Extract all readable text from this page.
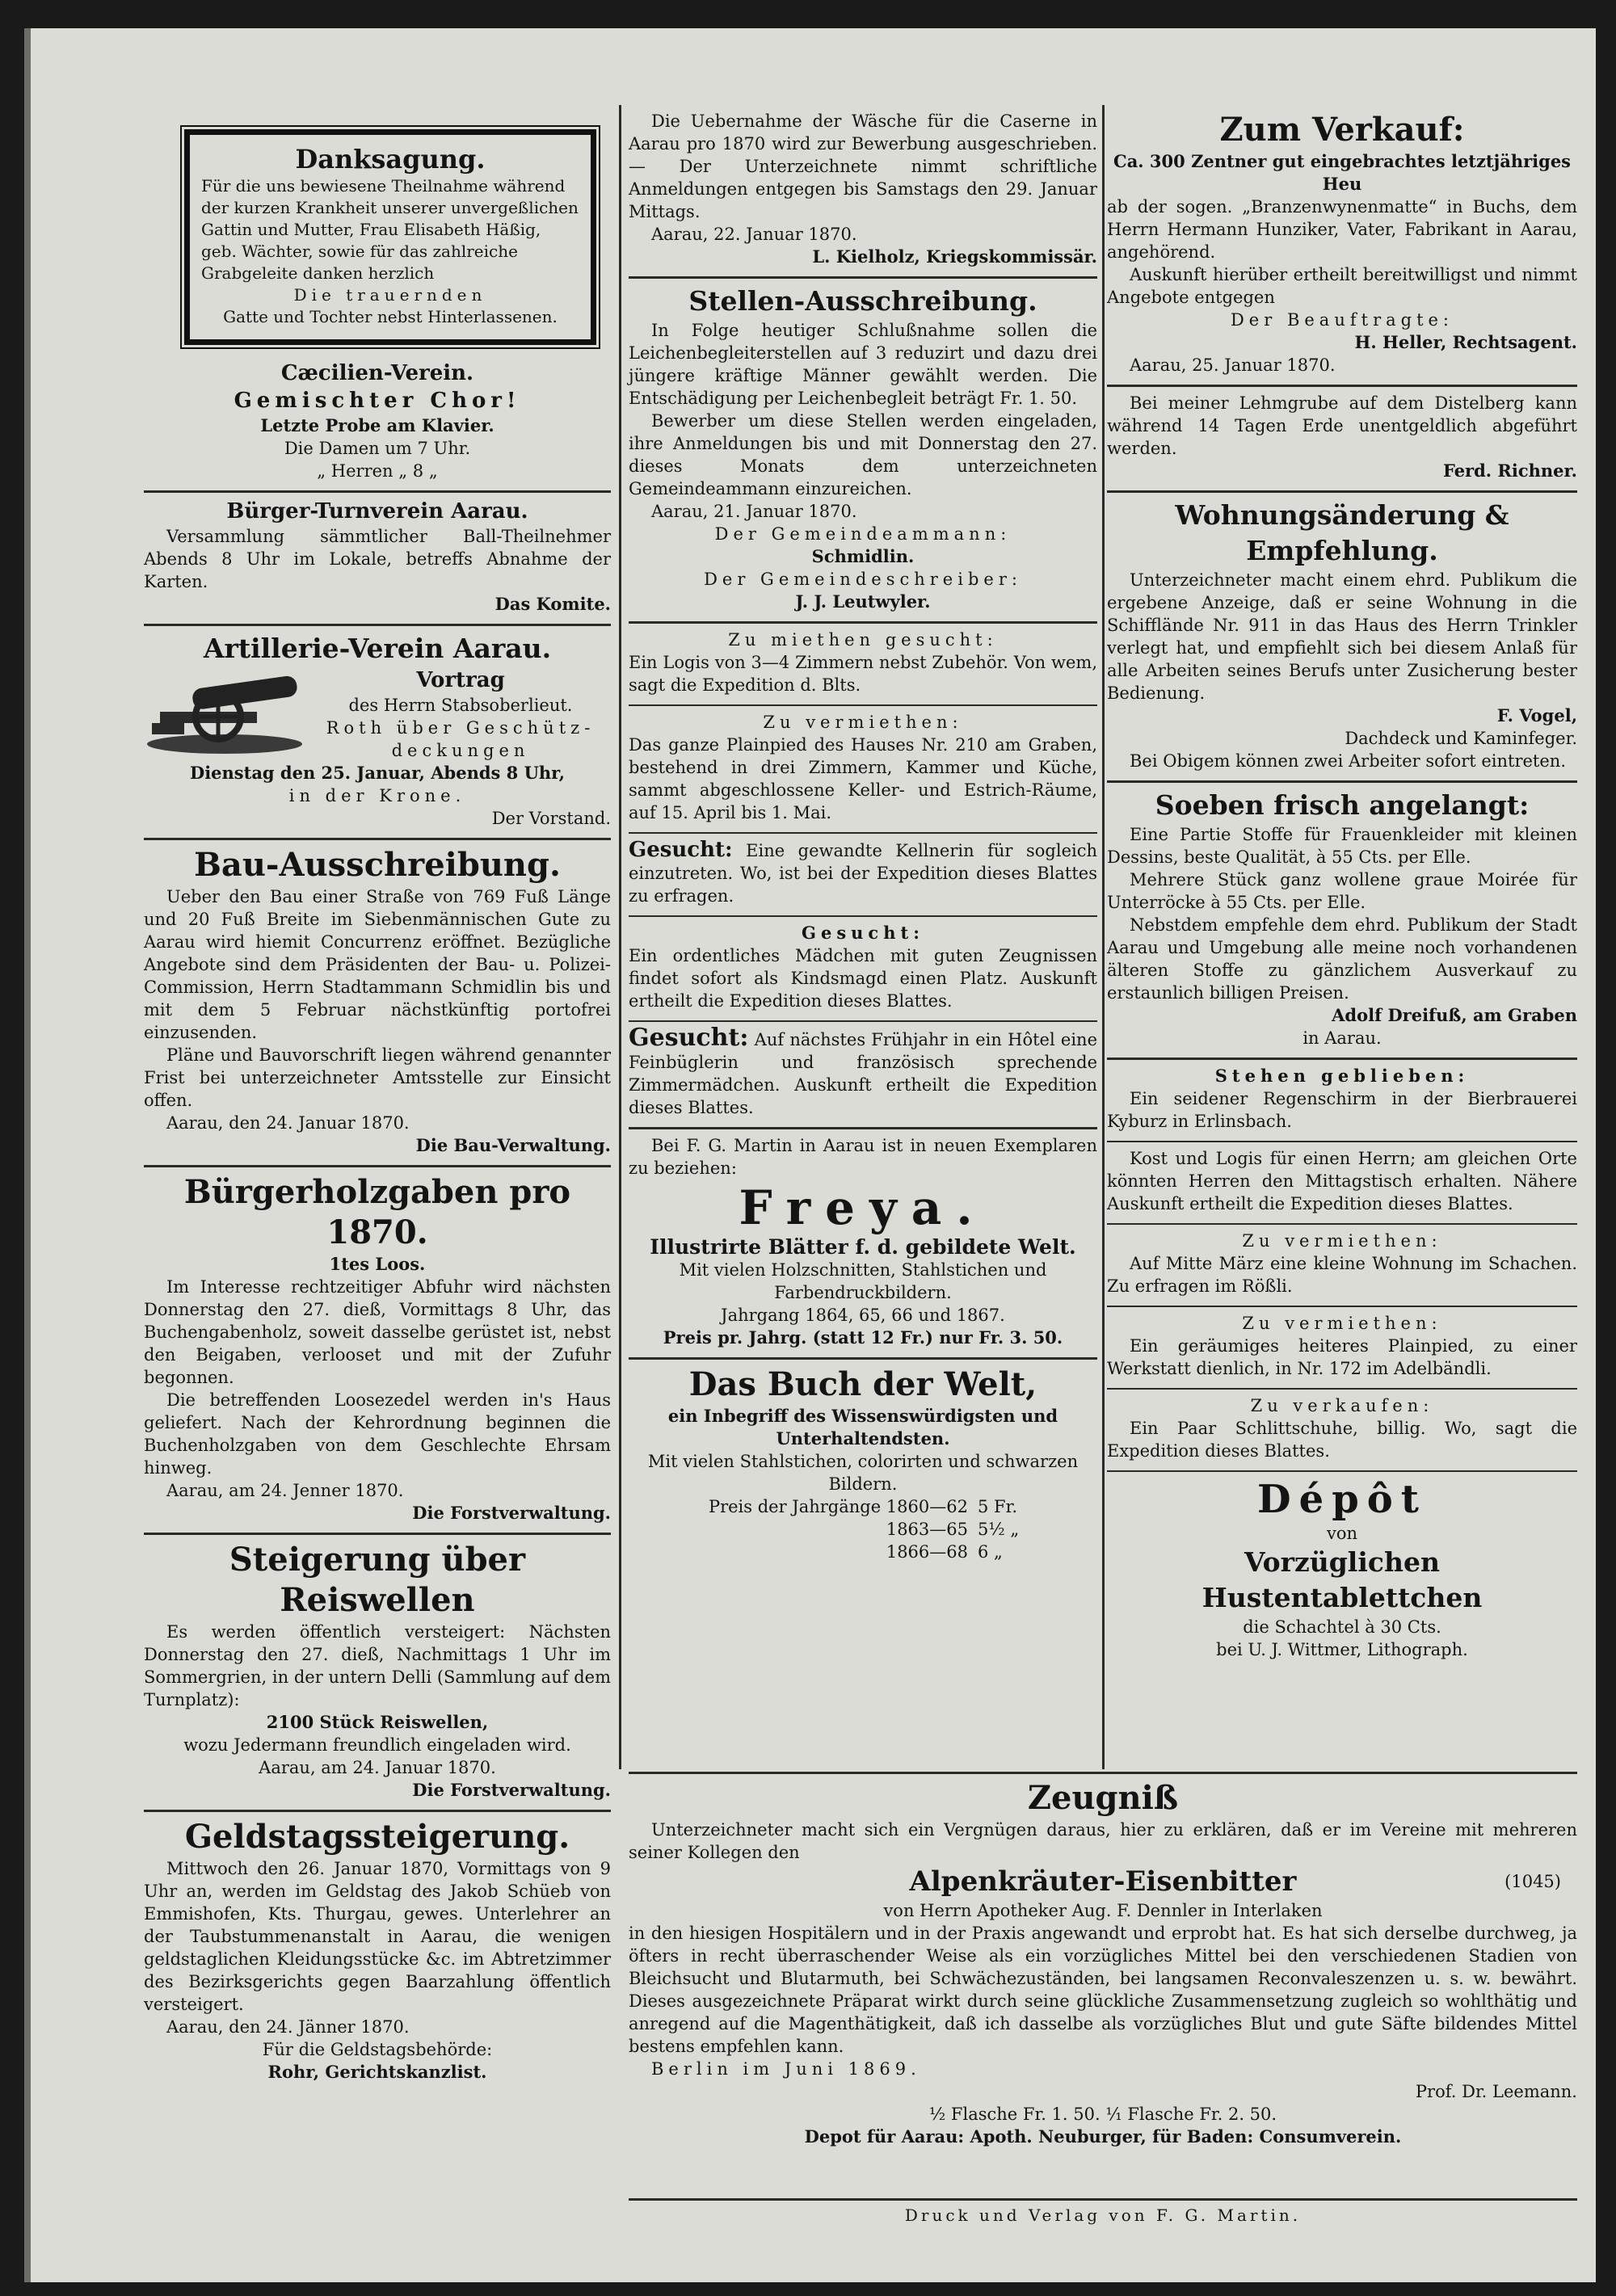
Danksagung.
Für die uns bewiesene Theilnahme während der kurzen Krankheit unserer unvergeßlichen Gattin und Mutter, Frau Elisabeth Häßig, geb. Wächter, sowie für das zahlreiche Grabgeleite danken herzlich
Die trauernden
Gatte und Tochter nebst Hinterlassenen.
Cæcilien-Verein.
Gemischter Chor!
Letzte Probe am Klavier.
Die Damen um 7 Uhr.
„ Herren „ 8 „
Bürger-Turnverein Aarau.
Versammlung sämmtlicher Ball-Theilnehmer Abends 8 Uhr im Lokale, betreffs Abnahme der Karten.
Das Komite.
Artillerie-Verein Aarau.
Vortrag
des Herrn Stabsoberlieut.
Roth über Geschütz-
deckungen
Dienstag den 25. Januar, Abends 8 Uhr,
in der Krone.
Der Vorstand.
Bau-Ausschreibung.
Ueber den Bau einer Straße von 769 Fuß Länge und 20 Fuß Breite im Siebenmännischen Gute zu Aarau wird hiemit Concurrenz eröffnet. Bezügliche Angebote sind dem Präsidenten der Bau- u. Polizei-Commission, Herrn Stadtammann Schmidlin bis und mit dem 5 Februar nächstkünftig portofrei einzusenden.
Pläne und Bauvorschrift liegen während genannter Frist bei unterzeichneter Amtsstelle zur Einsicht offen.
Aarau, den 24. Januar 1870.
Die Bau-Verwaltung.
Bürgerholzgaben pro 1870.
1tes Loos.
Im Interesse rechtzeitiger Abfuhr wird nächsten Donnerstag den 27. dieß, Vormittags 8 Uhr, das Buchengabenholz, soweit dasselbe gerüstet ist, nebst den Beigaben, verlooset und mit der Zufuhr begonnen.
Die betreffenden Loosezedel werden in's Haus geliefert. Nach der Kehrordnung beginnen die Buchenholzgaben von dem Geschlechte Ehrsam hinweg.
Aarau, am 24. Jenner 1870.
Die Forstverwaltung.
Steigerung über Reiswellen
Es werden öffentlich versteigert: Nächsten Donnerstag den 27. dieß, Nachmittags 1 Uhr im Sommergrien, in der untern Delli (Sammlung auf dem Turnplatz):
2100 Stück Reiswellen,
wozu Jedermann freundlich eingeladen wird.
Aarau, am 24. Januar 1870.
Die Forstverwaltung.
Geldstagssteigerung.
Mittwoch den 26. Januar 1870, Vormittags von 9 Uhr an, werden im Geldstag des Jakob Schüeb von Emmishofen, Kts. Thurgau, gewes. Unterlehrer an der Taubstummenanstalt in Aarau, die wenigen geldstaglichen Kleidungsstücke &c. im Abtretzimmer des Bezirksgerichts gegen Baarzahlung öffentlich versteigert.
Aarau, den 24. Jänner 1870.
Für die Geldstagsbehörde:
Rohr, Gerichtskanzlist.
Die Uebernahme der Wäsche für die Caserne in Aarau pro 1870 wird zur Bewerbung ausgeschrieben. — Der Unterzeichnete nimmt schriftliche Anmeldungen entgegen bis Samstags den 29. Januar Mittags.
Aarau, 22. Januar 1870.
L. Kielholz, Kriegskommissär.
Stellen-Ausschreibung.
In Folge heutiger Schlußnahme sollen die Leichenbegleiterstellen auf 3 reduzirt und dazu drei jüngere kräftige Männer gewählt werden. Die Entschädigung per Leichenbegleit beträgt Fr. 1. 50.
Bewerber um diese Stellen werden eingeladen, ihre Anmeldungen bis und mit Donnerstag den 27. dieses Monats dem unterzeichneten Gemeindeammann einzureichen.
Aarau, 21. Januar 1870.
Der Gemeindeammann:
Schmidlin.
Der Gemeindeschreiber:
J. J. Leutwyler.
Zu miethen gesucht:
Ein Logis von 3—4 Zimmern nebst Zubehör. Von wem, sagt die Expedition d. Blts.
Zu vermiethen:
Das ganze Plainpied des Hauses Nr. 210 am Graben, bestehend in drei Zimmern, Kammer und Küche, sammt abgeschlossene Keller- und Estrich-Räume, auf 15. April bis 1. Mai.
Gesucht: Eine gewandte Kellnerin für sogleich einzutreten. Wo, ist bei der Expedition dieses Blattes zu erfragen.
Gesucht:
Ein ordentliches Mädchen mit guten Zeugnissen findet sofort als Kindsmagd einen Platz. Auskunft ertheilt die Expedition dieses Blattes.
Gesucht: Auf nächstes Frühjahr in ein Hôtel eine Feinbüglerin und französisch sprechende Zimmermädchen. Auskunft ertheilt die Expedition dieses Blattes.
Bei F. G. Martin in Aarau ist in neuen Exemplaren zu beziehen:
Freya.
Illustrirte Blätter f. d. gebildete Welt.
Mit vielen Holzschnitten, Stahlstichen und Farbendruckbildern.
Jahrgang 1864, 65, 66 und 1867.
Preis pr. Jahrg. (statt 12 Fr.) nur Fr. 3. 50.
Das Buch der Welt,
ein Inbegriff des Wissenswürdigsten und Unterhaltendsten.
Mit vielen Stahlstichen, colorirten und schwarzen Bildern.
Preis der Jahrgänge 1860—62 5 Fr.
1863—65 5½ „
1866—68 6 „
Zum Verkauf:
Ca. 300 Zentner gut eingebrachtes letztjähriges Heu
ab der sogen. „Branzenwynenmatte“ in Buchs, dem Herrn Hermann Hunziker, Vater, Fabrikant in Aarau, angehörend.
Auskunft hierüber ertheilt bereitwilligst und nimmt Angebote entgegen
Der Beauftragte:
H. Heller, Rechtsagent.
Aarau, 25. Januar 1870.
Bei meiner Lehmgrube auf dem Distelberg kann während 14 Tagen Erde unentgeldlich abgeführt werden.
Ferd. Richner.
Wohnungsänderung & Empfehlung.
Unterzeichneter macht einem ehrd. Publikum die ergebene Anzeige, daß er seine Wohnung in die Schifflände Nr. 911 in das Haus des Herrn Trinkler verlegt hat, und empfiehlt sich bei diesem Anlaß für alle Arbeiten seines Berufs unter Zusicherung bester Bedienung.
F. Vogel,
Dachdeck und Kaminfeger.
Bei Obigem können zwei Arbeiter sofort eintreten.
Soeben frisch angelangt:
Eine Partie Stoffe für Frauenkleider mit kleinen Dessins, beste Qualität, à 55 Cts. per Elle.
Mehrere Stück ganz wollene graue Moirée für Unterröcke à 55 Cts. per Elle.
Nebstdem empfehle dem ehrd. Publikum der Stadt Aarau und Umgebung alle meine noch vorhandenen älteren Stoffe zu gänzlichem Ausverkauf zu erstaunlich billigen Preisen.
Adolf Dreifuß, am Graben
in Aarau.
Stehen geblieben:
Ein seidener Regenschirm in der Bierbrauerei Kyburz in Erlinsbach.
Kost und Logis für einen Herrn; am gleichen Orte könnten Herren den Mittagstisch erhalten. Nähere Auskunft ertheilt die Expedition dieses Blattes.
Zu vermiethen:
Auf Mitte März eine kleine Wohnung im Schachen. Zu erfragen im Rößli.
Zu vermiethen:
Ein geräumiges heiteres Plainpied, zu einer Werkstatt dienlich, in Nr. 172 im Adelbändli.
Zu verkaufen:
Ein Paar Schlittschuhe, billig. Wo, sagt die Expedition dieses Blattes.
Dépôt
von
Vorzüglichen Hustentablettchen
die Schachtel à 30 Cts.
bei U. J. Wittmer, Lithograph.
Zeugniß
Unterzeichneter macht sich ein Vergnügen daraus, hier zu erklären, daß er im Vereine mit mehreren seiner Kollegen den
Alpenkräuter-Eisenbitter	(1045)
von Herrn Apotheker Aug. F. Dennler in Interlaken
in den hiesigen Hospitälern und in der Praxis angewandt und erprobt hat. Es hat sich derselbe durchweg, ja öfters in recht überraschender Weise als ein vorzügliches Mittel bei den verschiedenen Stadien von Bleichsucht und Blutarmuth, bei Schwächezuständen, bei langsamen Reconvaleszenzen u. s. w. bewährt. Dieses ausgezeichnete Präparat wirkt durch seine glückliche Zusammensetzung zugleich so wohlthätig und anregend auf die Magenthätigkeit, daß ich dasselbe als vorzügliches Blut und gute Säfte bildendes Mittel bestens empfehlen kann.
Berlin im Juni 1869.
Prof. Dr. Leemann.
½ Flasche Fr. 1. 50. ⅟₁ Flasche Fr. 2. 50.
Depot für Aarau: Apoth. Neuburger, für Baden: Consumverein.
Druck und Verlag von F. G. Martin.
